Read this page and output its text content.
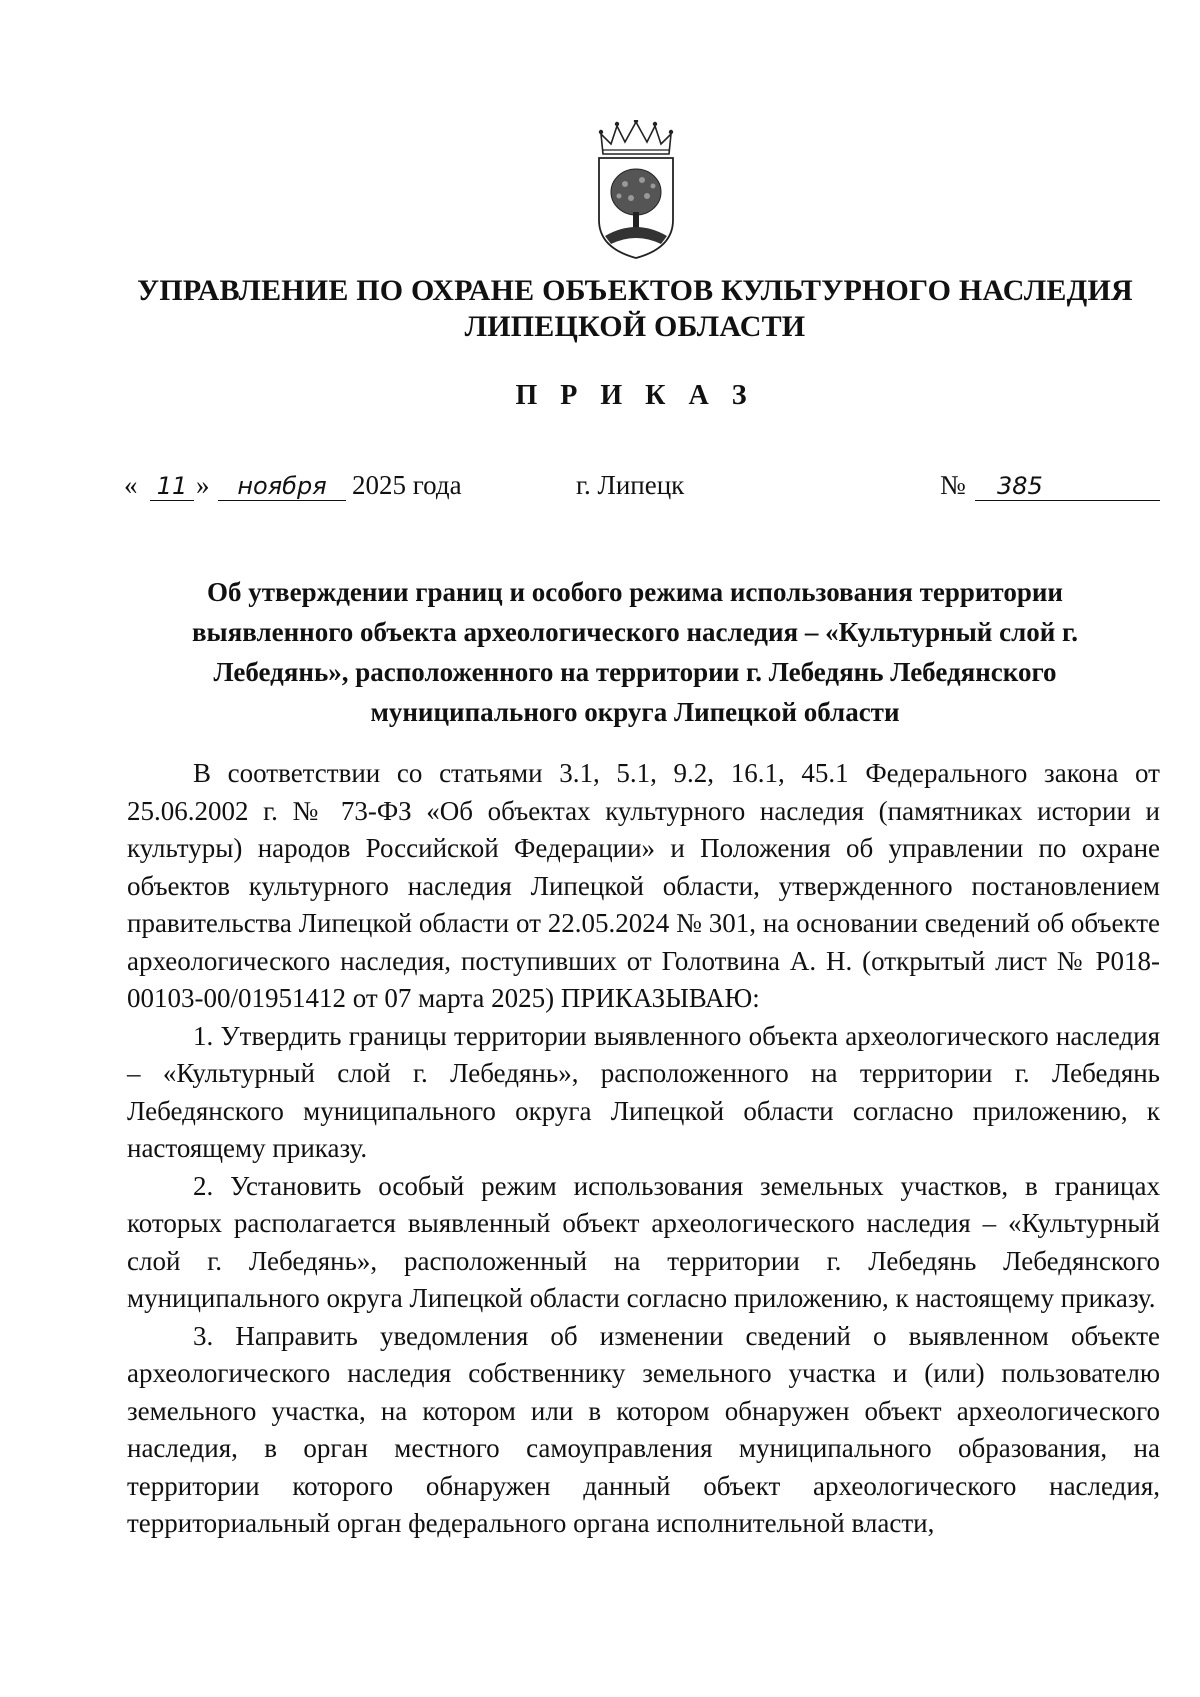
УПРАВЛЕНИЕ ПО ОХРАНЕ ОБЪЕКТОВ КУЛЬТУРНОГО НАСЛЕДИЯ
ЛИПЕЦКОЙ ОБЛАСТИ
П Р И К А З
« 11 »	ноября 2025 года	г. Липецк	№	385
Об утверждении границ и особого режима использования территории
выявленного объекта археологического наследия – «Культурный слой г.
Лебедянь», расположенного на территории г. Лебедянь Лебедянского
муниципального округа Липецкой области

В соответствии со статьями 3.1, 5.1, 9.2, 16.1, 45.1 Федерального закона от 25.06.2002 г. № 73-ФЗ «Об объектах культурного наследия (памятниках истории и культуры) народов Российской Федерации» и Положения об управлении по охране объектов культурного наследия Липецкой области, утвержденного постановлением правительства Липецкой области от 22.05.2024 № 301, на основании сведений об объекте археологического наследия, поступивших от Голотвина А. Н. (открытый лист № Р018-00103-00/01951412 от 07 марта 2025) ПРИКАЗЫВАЮ:

1. Утвердить границы территории выявленного объекта археологического наследия – «Культурный слой г. Лебедянь», расположенного на территории г. Лебедянь Лебедянского муниципального округа Липецкой области согласно приложению, к настоящему приказу.

2. Установить особый режим использования земельных участков, в границах которых располагается выявленный объект археологического наследия – «Культурный слой г. Лебедянь», расположенный на территории г. Лебедянь Лебедянского муниципального округа Липецкой области согласно приложению, к настоящему приказу.

3. Направить уведомления об изменении сведений о выявленном объекте археологического наследия собственнику земельного участка и (или) пользователю земельного участка, на котором или в котором обнаружен объект археологического наследия, в орган местного самоуправления муниципального образования, на территории которого обнаружен данный объект археологического наследия, территориальный орган федерального органа исполнительной власти,
